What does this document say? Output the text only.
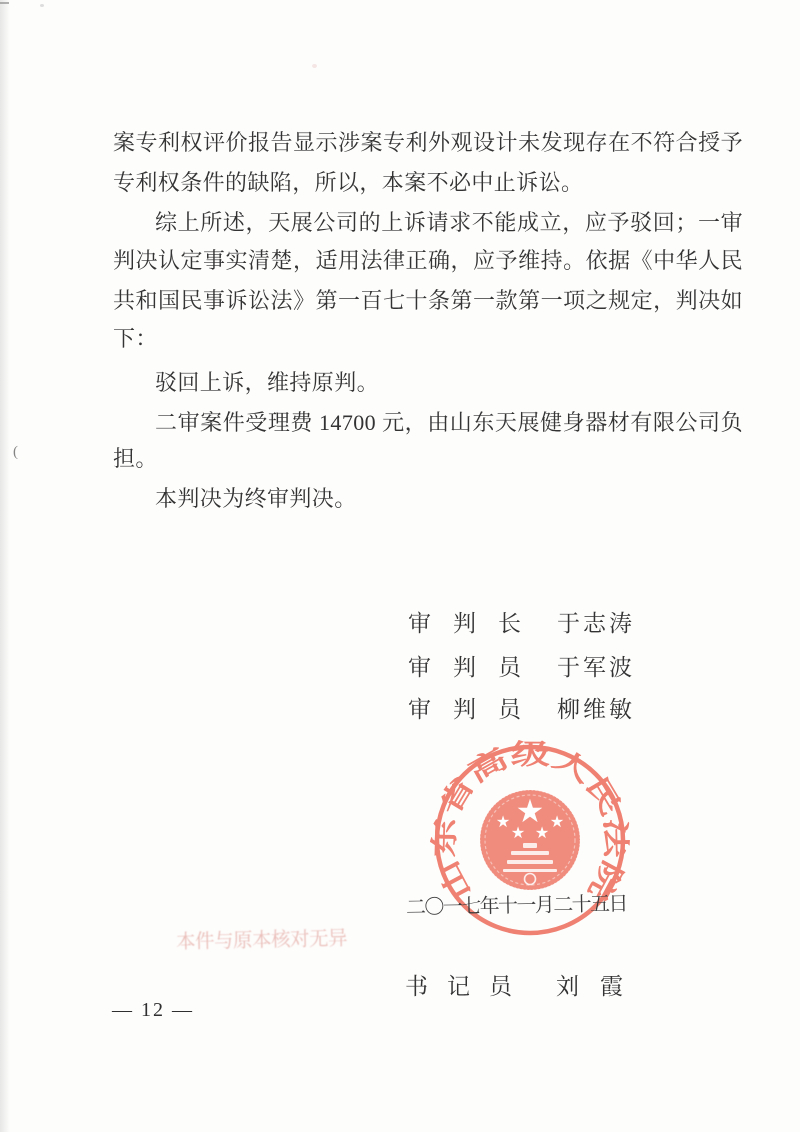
(
案专利权评价报告显示涉案专利外观设计未发现存在不符合授予
专利权条件的缺陷，所以，本案不必中止诉讼。
综上所述，天展公司的上诉请求不能成立，应予驳回；一审
判决认定事实清楚，适用法律正确，应予维持。依据《中华人民
共和国民事诉讼法》第一百七十条第一款第一项之规定，判决如
下：
驳回上诉，维持原判。
二审案件受理费 14700 元，由山东天展健身器材有限公司负
担。
本判决为终审判决。
审判长 于志涛
审判员 于军波
审判员 柳维敏
山东省高级人民法院
★
★ ★
★ ★
二〇一七年十一月二十五日
本件与原本核对无异
书记员 刘霞
— 12 —
